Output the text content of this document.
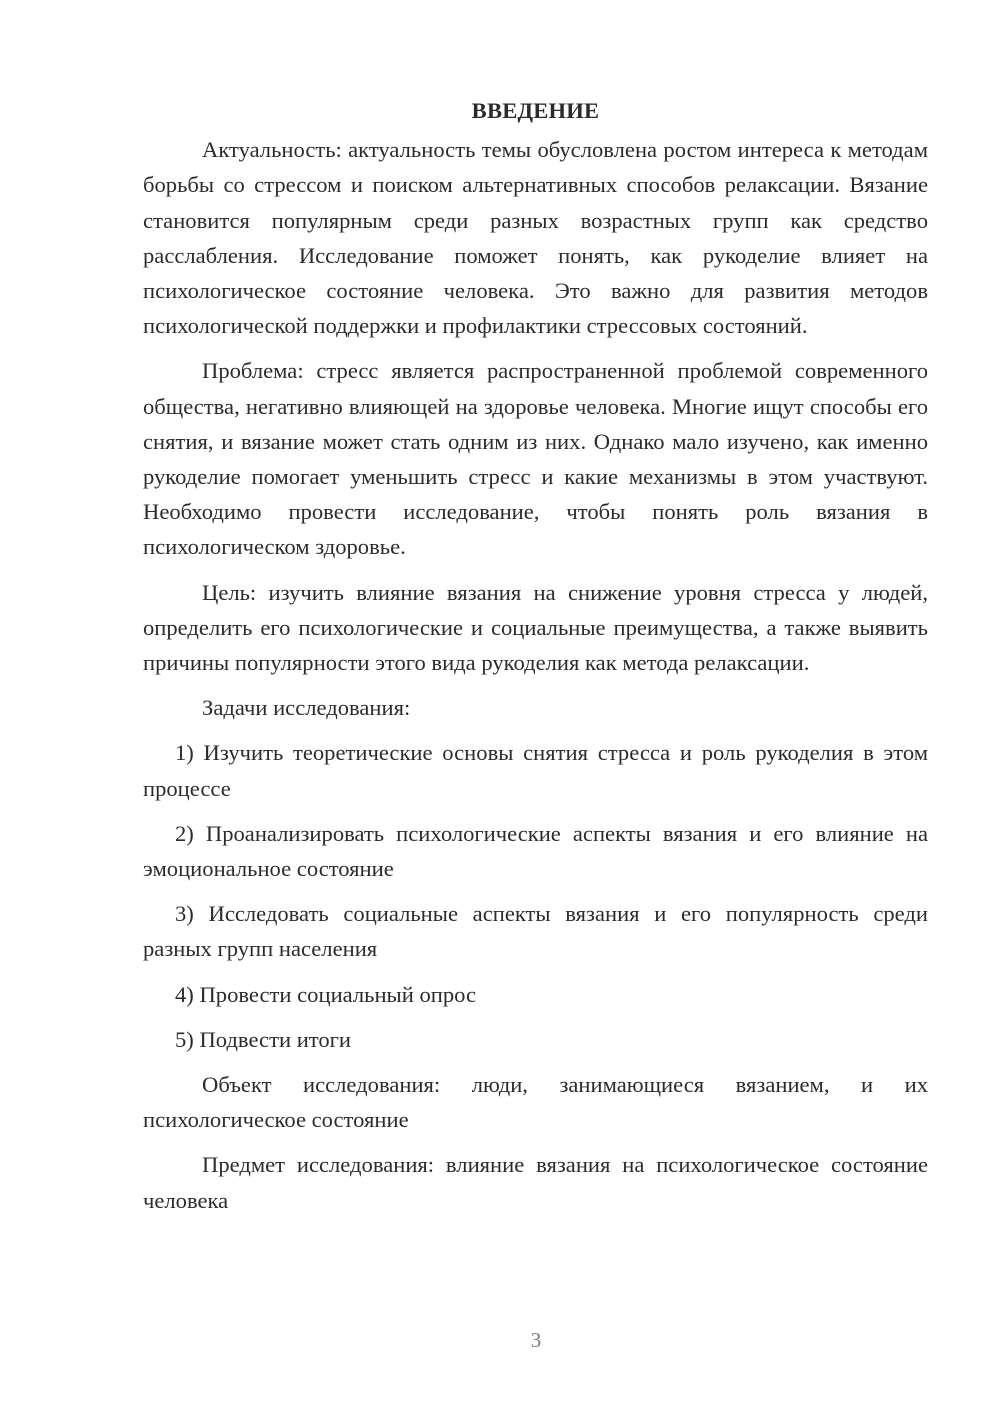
ВВЕДЕНИЕ

Актуальность: актуальность темы обусловлена ростом интереса к методам борьбы со стрессом и поиском альтернативных способов релаксации. Вязание становится популярным среди разных возрастных групп как средство расслабления. Исследование поможет понять, как рукоделие влияет на психологическое состояние человека. Это важно для развития методов психологической поддержки и профилактики стрессовых состояний.

Проблема: стресс является распространенной проблемой современного общества, негативно влияющей на здоровье человека. Многие ищут способы его снятия, и вязание может стать одним из них. Однако мало изучено, как именно рукоделие помогает уменьшить стресс и какие механизмы в этом участвуют. Необходимо провести исследование, чтобы понять роль вязания в психологическом здоровье.

Цель: изучить влияние вязания на снижение уровня стресса у людей, определить его психологические и социальные преимущества, а также выявить причины популярности этого вида рукоделия как метода релаксации.

Задачи исследования:

1) Изучить теоретические основы снятия стресса и роль рукоделия в этом процессе

2) Проанализировать психологические аспекты вязания и его влияние на эмоциональное состояние

3) Исследовать социальные аспекты вязания и его популярность среди разных групп населения

4) Провести социальный опрос

5) Подвести итоги

Объект исследования: люди, занимающиеся вязанием, и их психологическое состояние

Предмет исследования: влияние вязания на психологическое состояние человека

3
